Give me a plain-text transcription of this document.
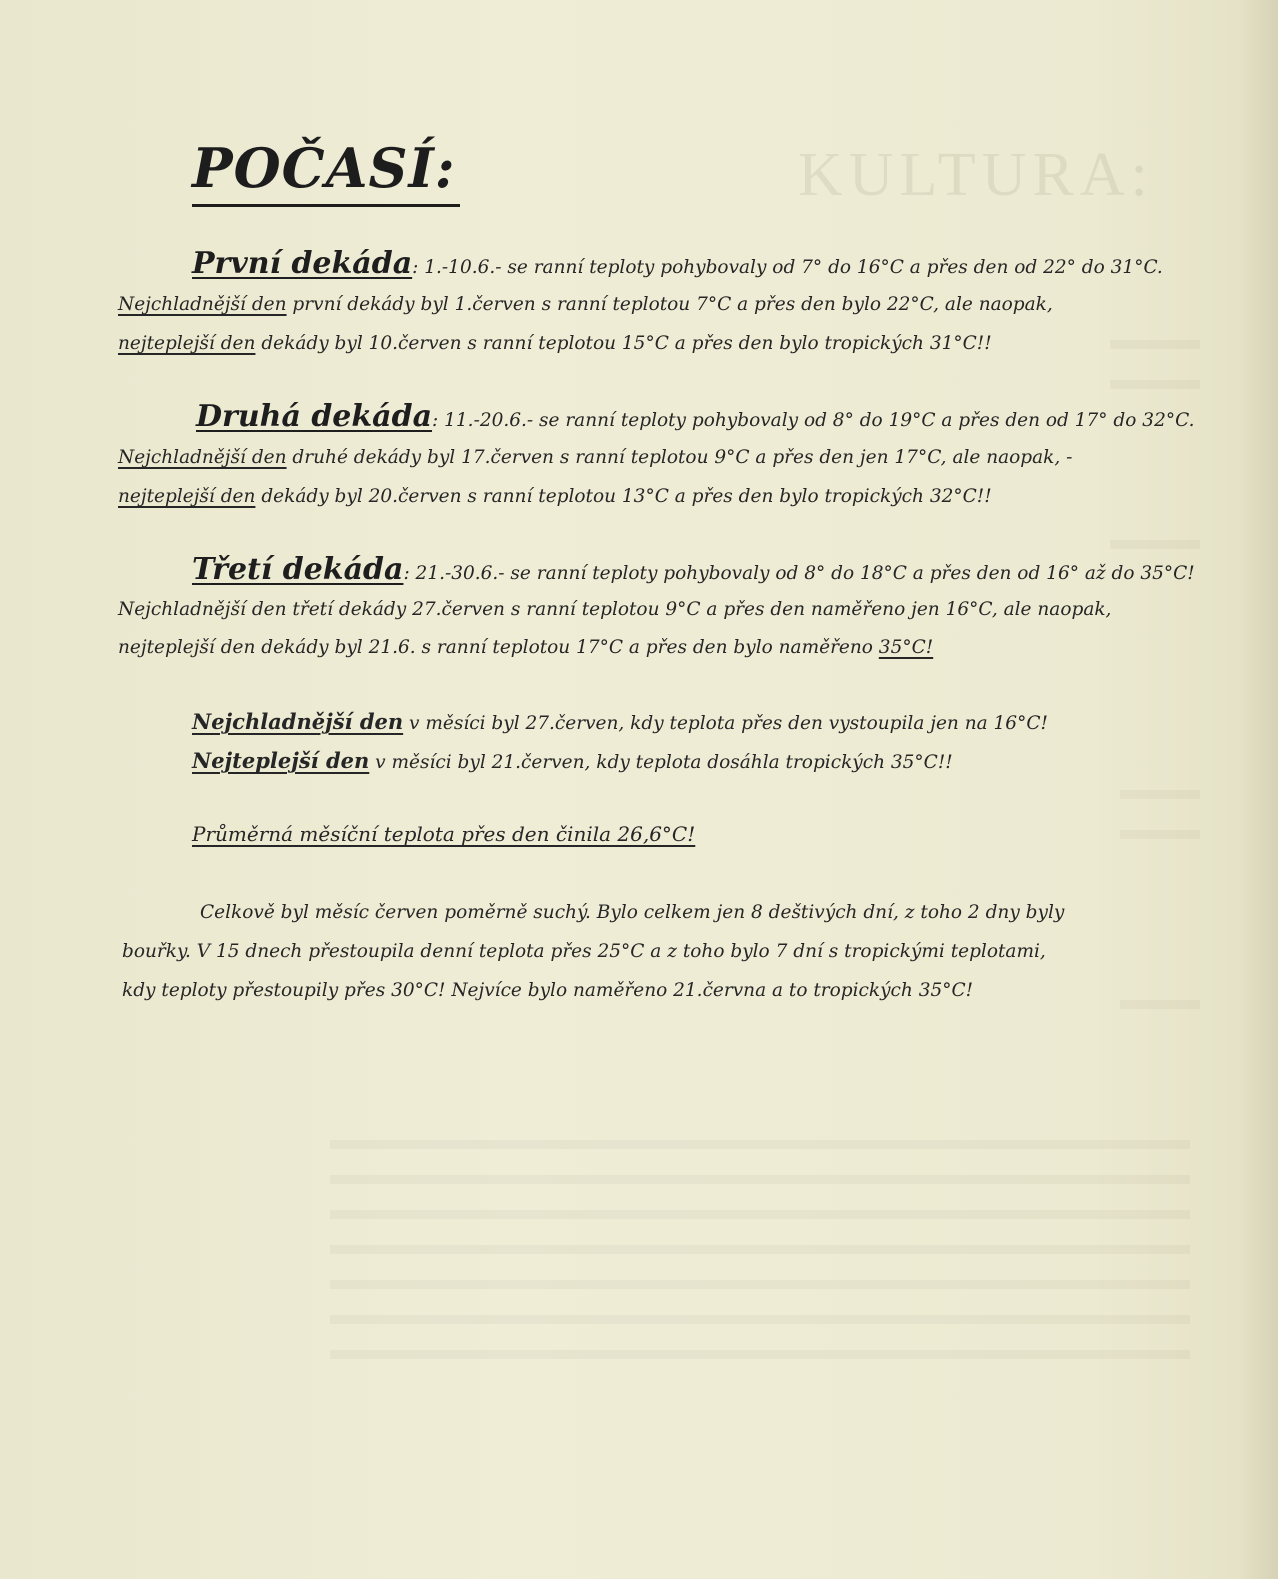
KULTURA:
POČASÍ:
První dekáda: 1.-10.6.- se ranní teploty pohybovaly od 7° do 16°C a přes den od 22° do 31°C.
Nejchladnější den první dekády byl 1.červen s ranní teplotou 7°C a přes den bylo 22°C, ale naopak,
nejteplejší den dekády byl 10.červen s ranní teplotou 15°C a přes den bylo tropických 31°C!!
Druhá dekáda: 11.-20.6.- se ranní teploty pohybovaly od 8° do 19°C a přes den od 17° do 32°C.
Nejchladnější den druhé dekády byl 17.červen s ranní teplotou 9°C a přes den jen 17°C, ale naopak, -
nejteplejší den dekády byl 20.červen s ranní teplotou 13°C a přes den bylo tropických 32°C!!
Třetí dekáda: 21.-30.6.- se ranní teploty pohybovaly od 8° do 18°C a přes den od 16° až do 35°C!
Nejchladnější den třetí dekády 27.červen s ranní teplotou 9°C a přes den naměřeno jen 16°C, ale naopak,
nejteplejší den dekády byl 21.6. s ranní teplotou 17°C a přes den bylo naměřeno 35°C!
Nejchladnější den v měsíci byl 27.červen, kdy teplota přes den vystoupila jen na 16°C!
Nejteplejší den v měsíci byl 21.červen, kdy teplota dosáhla tropických 35°C!!
Průměrná měsíční teplota přes den činila 26,6°C!
Celkově byl měsíc červen poměrně suchý. Bylo celkem jen 8 deštivých dní, z toho 2 dny byly
bouřky. V 15 dnech přestoupila denní teplota přes 25°C a z toho bylo 7 dní s tropickými teplotami,
kdy teploty přestoupily přes 30°C! Nejvíce bylo naměřeno 21.června a to tropických 35°C!
